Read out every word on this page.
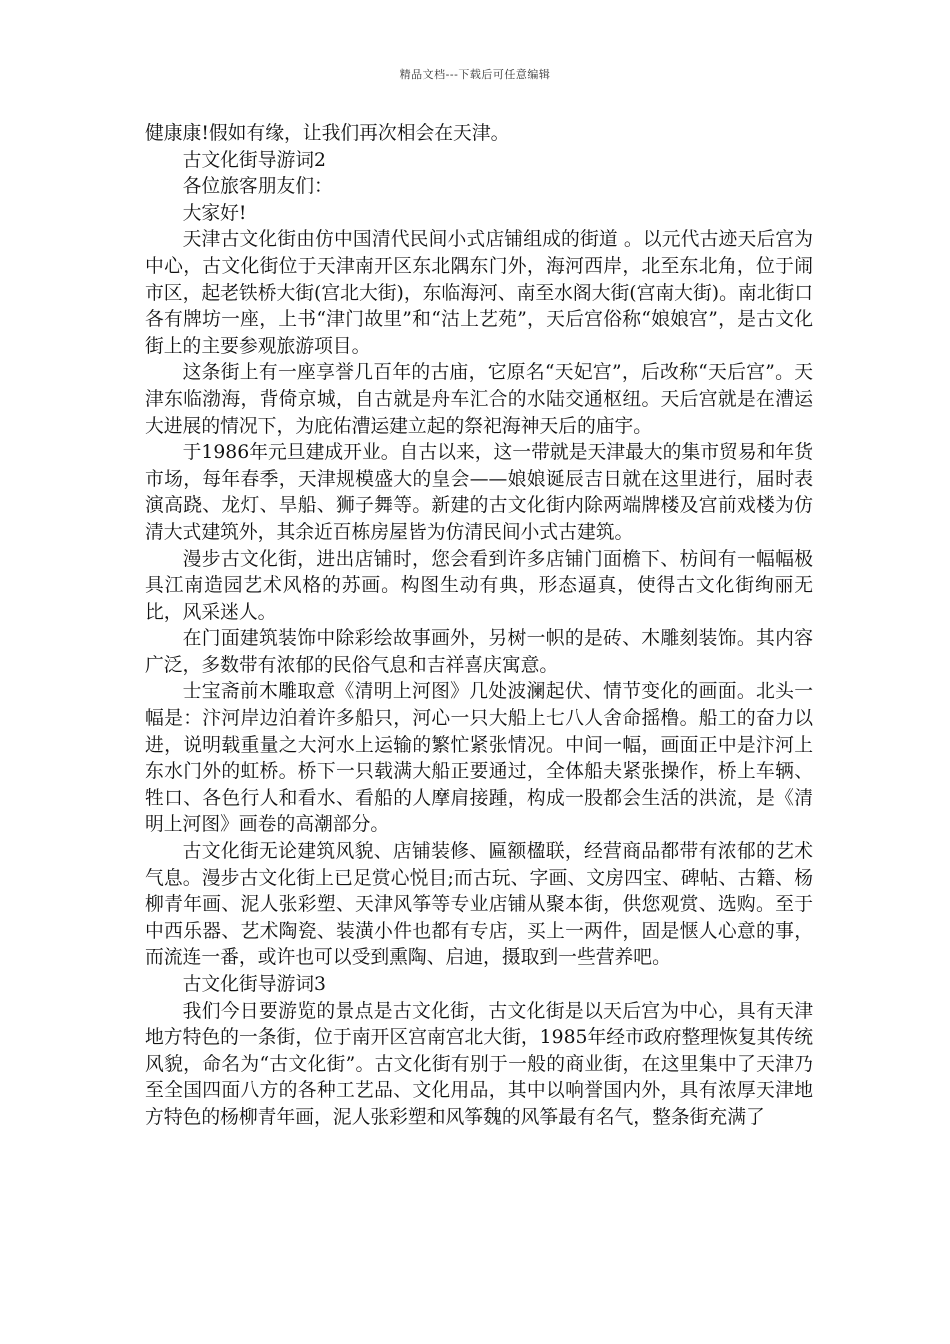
精品文档---下载后可任意编辑

健康康!假如有缘，让我们再次相会在天津。

古文化街导游词2

各位旅客朋友们：

大家好!

天津古文化街由仿中国清代民间小式店铺组成的街道 。以元代古迹天后宫为中心，古文化街位于天津南开区东北隅东门外，海河西岸，北至东北角，位于闹市区，起老铁桥大街(宫北大街)，东临海河、南至水阁大街(宫南大街)。南北街口各有牌坊一座，上书“津门故里”和“沽上艺苑”，天后宫俗称“娘娘宫”，是古文化街上的主要参观旅游项目。

这条街上有一座享誉几百年的古庙，它原名“天妃宫”，后改称“天后宫”。天津东临渤海，背倚京城，自古就是舟车汇合的水陆交通枢纽。天后宫就是在漕运大进展的情况下，为庇佑漕运建立起的祭祀海神天后的庙宇。

于1986年元旦建成开业。自古以来，这一带就是天津最大的集市贸易和年货市场，每年春季，天津规模盛大的皇会——娘娘诞辰吉日就在这里进行，届时表演高跷、龙灯、旱船、狮子舞等。新建的古文化街内除两端牌楼及宫前戏楼为仿清大式建筑外，其余近百栋房屋皆为仿清民间小式古建筑。

漫步古文化街，进出店铺时，您会看到许多店铺门面檐下、枋间有一幅幅极具江南造园艺术风格的苏画。构图生动有典，形态逼真，使得古文化街绚丽无比，风采迷人。

在门面建筑装饰中除彩绘故事画外，另树一帜的是砖、木雕刻装饰。其内容广泛，多数带有浓郁的民俗气息和吉祥喜庆寓意。

士宝斋前木雕取意《清明上河图》几处波澜起伏、情节变化的画面。北头一幅是：汴河岸边泊着许多船只，河心一只大船上七八人舍命摇橹。船工的奋力以进，说明载重量之大河水上运输的繁忙紧张情况。中间一幅，画面正中是汴河上东水门外的虹桥。桥下一只载满大船正要通过，全体船夫紧张操作，桥上车辆、牲口、各色行人和看水、看船的人摩肩接踵，构成一股都会生活的洪流，是《清明上河图》画卷的高潮部分。

古文化街无论建筑风貌、店铺装修、匾额楹联，经营商品都带有浓郁的艺术气息。漫步古文化街上已足赏心悦目;而古玩、字画、文房四宝、碑帖、古籍、杨柳青年画、泥人张彩塑、天津风筝等专业店铺从聚本街，供您观赏、选购。至于中西乐器、艺术陶瓷、装潢小件也都有专店，买上一两件，固是惬人心意的事，而流连一番，或许也可以受到熏陶、启迪，摄取到一些营养吧。

古文化街导游词3

我们今日要游览的景点是古文化街，古文化街是以天后宫为中心，具有天津地方特色的一条街，位于南开区宫南宫北大街，1985年经市政府整理恢复其传统风貌，命名为“古文化街”。古文化街有别于一般的商业街，在这里集中了天津乃至全国四面八方的各种工艺品、文化用品，其中以响誉国内外，具有浓厚天津地方特色的杨柳青年画，泥人张彩塑和风筝魏的风筝最有名气，整条街充满了
